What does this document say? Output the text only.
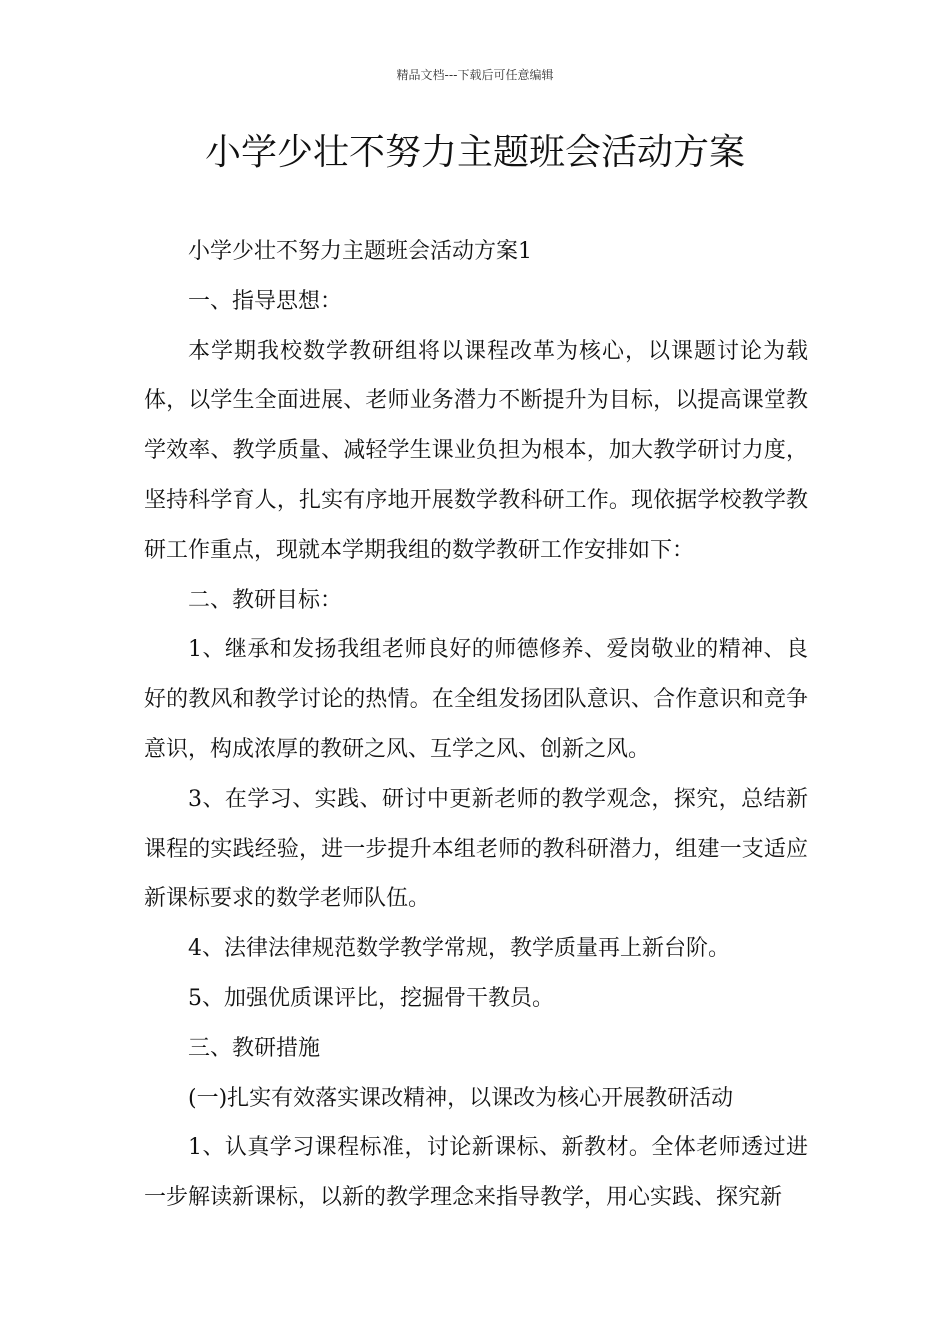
精品文档---下载后可任意编辑
小学少壮不努力主题班会活动方案

小学少壮不努力主题班会活动方案1

一、指导思想：

本学期我校数学教研组将以课程改革为核心，以课题讨论为载体，以学生全面进展、老师业务潜力不断提升为目标，以提高课堂教学效率、教学质量、减轻学生课业负担为根本，加大教学研讨力度，坚持科学育人，扎实有序地开展数学教科研工作。现依据学校教学教研工作重点，现就本学期我组的数学教研工作安排如下：

二、教研目标：

1、继承和发扬我组老师良好的师德修养、爱岗敬业的精神、良好的教风和教学讨论的热情。在全组发扬团队意识、合作意识和竞争意识，构成浓厚的教研之风、互学之风、创新之风。

3、在学习、实践、研讨中更新老师的教学观念，探究，总结新课程的实践经验，进一步提升本组老师的教科研潜力，组建一支适应新课标要求的数学老师队伍。

4、法律法律规范数学教学常规，教学质量再上新台阶。

5、加强优质课评比，挖掘骨干教员。

三、教研措施

(一)扎实有效落实课改精神，以课改为核心开展教研活动

1、认真学习课程标准，讨论新课标、新教材。全体老师透过进一步解读新课标，以新的教学理念来指导教学，用心实践、探究新
